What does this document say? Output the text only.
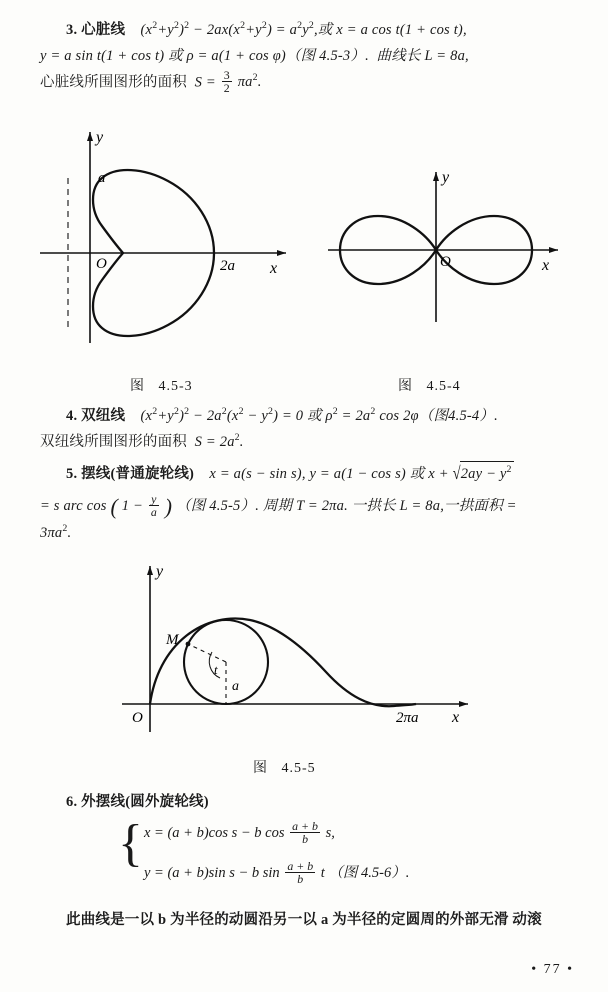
3. 心脏线    $(x^2+y^2)^2 - 2ax(x^2+y^2) = a^2y^2$,或 x = a cos t(1 + cos t),
y = a sin t(1 + cos t) 或 ρ = a(1 + cos φ)（图 4.5-3）.  曲线长 L = 8a,
心脏线所围图形的面积  $S = \frac{3}{2} \pi a^2$.
y
x
O
a
2a
y
x
O
图 4.5-3	图 4.5-4
4. 双纽线    $(x^2+y^2)^2 - 2a^2(x^2 - y^2) = 0$ 或 $\rho^2 = 2a^2$ cos 2φ（图4.5-4）.
双纽线所围图形的面积  $S = 2a^2$.
5. 摆线(普通旋轮线)    x = a(s − sin s), y = a(1 − cos s) 或 $x + √2ay - y^2$
= s arc cos ( $1 - \frac{y}{a}$ ) （图 4.5-5）. 周期 T = 2πa. 一拱长 L = 8a,一拱面积 =
$3\pi a^2$.
y
x
O
M
t
a
2πa
图 4.5-5
6. 外摆线(圆外旋轮线)
{ x = (a + b)cos s − b $\cos \frac{a + b}{b} s$,
y = (a + b)sin s − b $\sin \frac{a + b}{b}$ t （图 4.5-6）.
此曲线是一以 b 为半径的动圆沿另一以 a 为半径的定圆周的外部无滑 动滚
• 77 •
